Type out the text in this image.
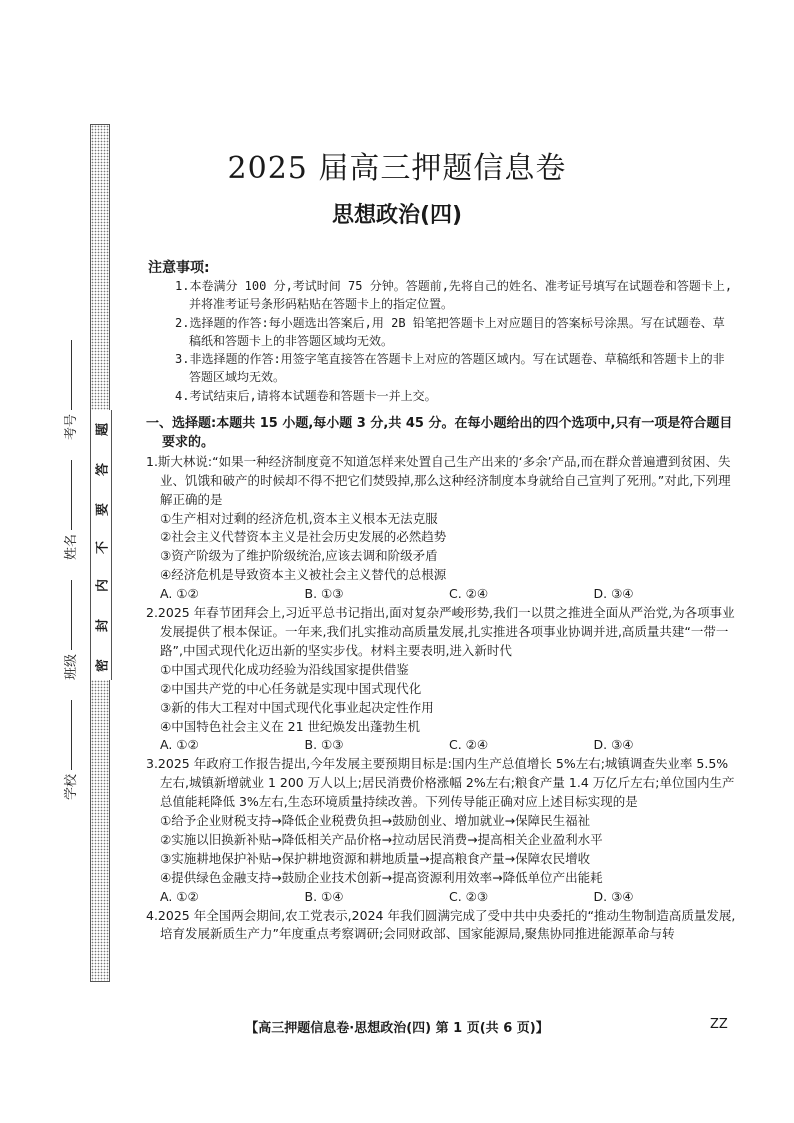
题
答
要
不
内
封
密
考号
姓名
班级
学校
2025 届高三押题信息卷
思想政治(四)
注意事项:

1.本卷满分 100 分,考试时间 75 分钟。答题前,先将自己的姓名、准考证号填写在试题卷和答题卡上,并将准考证号条形码粘贴在答题卡上的指定位置。

2.选择题的作答:每小题选出答案后,用 2B 铅笔把答题卡上对应题目的答案标号涂黑。写在试题卷、草稿纸和答题卡上的非答题区域均无效。

3.非选择题的作答:用签字笔直接答在答题卡上对应的答题区域内。写在试题卷、草稿纸和答题卡上的非答题区域均无效。

4.考试结束后,请将本试题卷和答题卡一并上交。

一、选择题:本题共 15 小题,每小题 3 分,共 45 分。在每小题给出的四个选项中,只有一项是符合题目要求的。

1.斯大林说:“如果一种经济制度竟不知道怎样来处置自己生产出来的‘多余’产品,而在群众普遍遭到贫困、失业、饥饿和破产的时候却不得不把它们焚毁掉,那么这种经济制度本身就给自己宣判了死刑。”对此,下列理解正确的是

①生产相对过剩的经济危机,资本主义根本无法克服

②社会主义代替资本主义是社会历史发展的必然趋势

③资产阶级为了维护阶级统治,应该去调和阶级矛盾

④经济危机是导致资本主义被社会主义替代的总根源

A. ①②	B. ①③	C. ②④	D. ③④

2.2025 年春节团拜会上,习近平总书记指出,面对复杂严峻形势,我们一以贯之推进全面从严治党,为各项事业发展提供了根本保证。一年来,我们扎实推动高质量发展,扎实推进各项事业协调并进,高质量共建“一带一路”,中国式现代化迈出新的坚实步伐。材料主要表明,进入新时代

①中国式现代化成功经验为沿线国家提供借鉴

②中国共产党的中心任务就是实现中国式现代化

③新的伟大工程对中国式现代化事业起决定性作用

④中国特色社会主义在 21 世纪焕发出蓬勃生机

A. ①②	B. ①③	C. ②④	D. ③④

3.2025 年政府工作报告提出,今年发展主要预期目标是:国内生产总值增长 5%左右;城镇调查失业率 5.5%左右,城镇新增就业 1 200 万人以上;居民消费价格涨幅 2%左右;粮食产量 1.4 万亿斤左右;单位国内生产总值能耗降低 3%左右,生态环境质量持续改善。下列传导能正确对应上述目标实现的是

①给予企业财税支持→降低企业税费负担→鼓励创业、增加就业→保障民生福祉

②实施以旧换新补贴→降低相关产品价格→拉动居民消费→提高相关企业盈利水平

③实施耕地保护补贴→保护耕地资源和耕地质量→提高粮食产量→保障农民增收

④提供绿色金融支持→鼓励企业技术创新→提高资源利用效率→降低单位产出能耗

A. ①②	B. ①④	C. ②③	D. ③④

4.2025 年全国两会期间,农工党表示,2024 年我们圆满完成了受中共中央委托的“推动生物制造高质量发展,培育发展新质生产力”年度重点考察调研;会同财政部、国家能源局,聚焦协同推进能源革命与转

【高三押题信息卷·思想政治(四) 第 1 页(共 6 页)】	ZZ
